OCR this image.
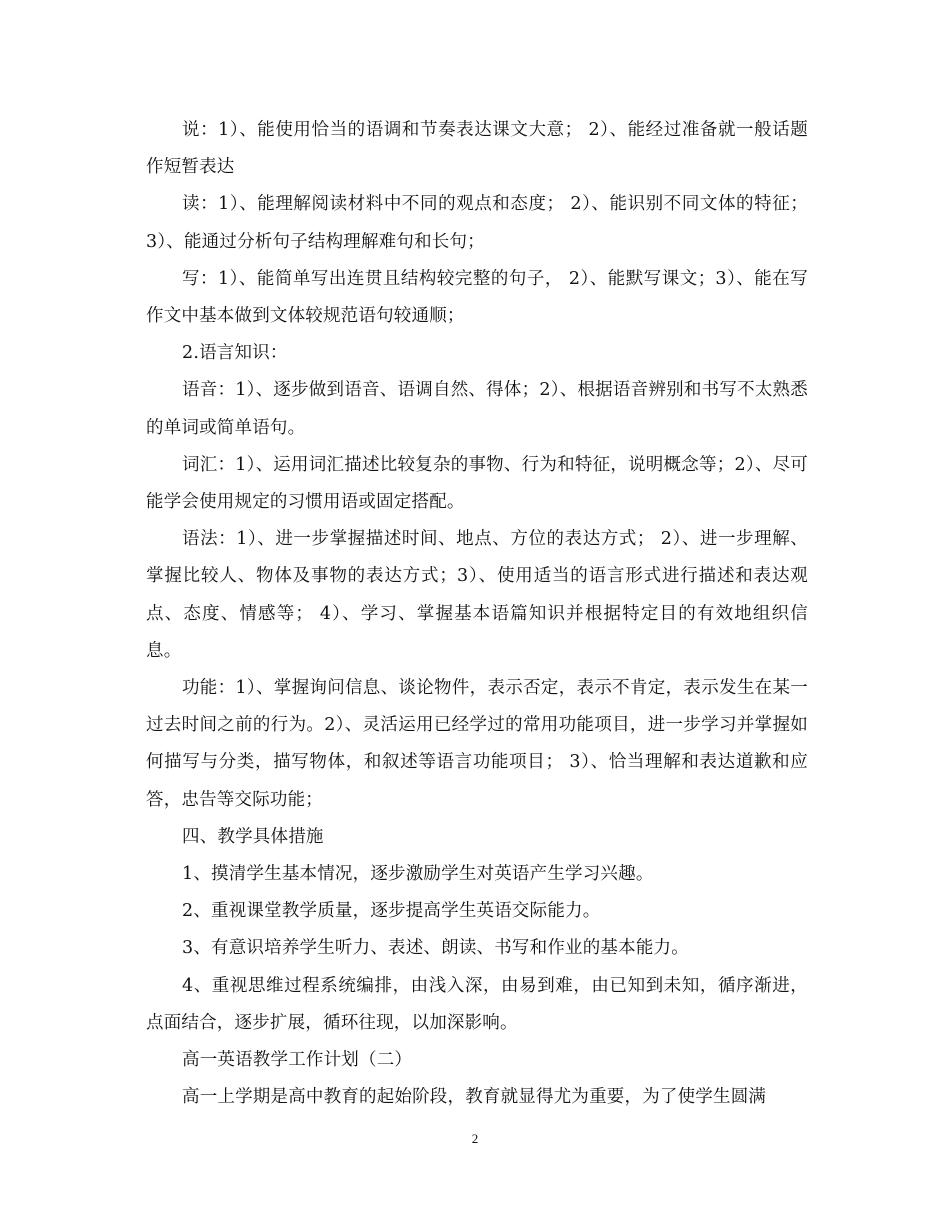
说：1）、能使用恰当的语调和节奏表达课文大意； 2）、能经过准备就一般话题作短暂表达

读：1）、能理解阅读材料中不同的观点和态度； 2）、能识别不同文体的特征； 3）、能通过分析句子结构理解难句和长句；

写：1）、能简单写出连贯且结构较完整的句子， 2）、能默写课文；3）、能在写作文中基本做到文体较规范语句较通顺；

2.语言知识：

语音：1）、逐步做到语音、语调自然、得体；2）、根据语音辨别和书写不太熟悉的单词或简单语句。

词汇：1）、运用词汇描述比较复杂的事物、行为和特征，说明概念等；2）、尽可能学会使用规定的习惯用语或固定搭配。

语法：1）、进一步掌握描述时间、地点、方位的表达方式； 2）、进一步理解、掌握比较人、物体及事物的表达方式；3）、使用适当的语言形式进行描述和表达观点、态度、情感等； 4）、学习、掌握基本语篇知识并根据特定目的有效地组织信息。

功能：1）、掌握询问信息、谈论物件，表示否定，表示不肯定，表示发生在某一过去时间之前的行为。2）、灵活运用已经学过的常用功能项目，进一步学习并掌握如何描写与分类，描写物体，和叙述等语言功能项目； 3）、恰当理解和表达道歉和应答，忠告等交际功能；

四、教学具体措施

1、摸清学生基本情况，逐步激励学生对英语产生学习兴趣。

2、重视课堂教学质量，逐步提高学生英语交际能力。

3、有意识培养学生听力、表述、朗读、书写和作业的基本能力。

4、重视思维过程系统编排，由浅入深，由易到难，由已知到未知，循序渐进，点面结合，逐步扩展，循环往现，以加深影响。

高一英语教学工作计划（二）

高一上学期是高中教育的起始阶段，教育就显得尤为重要，为了使学生圆满

2
